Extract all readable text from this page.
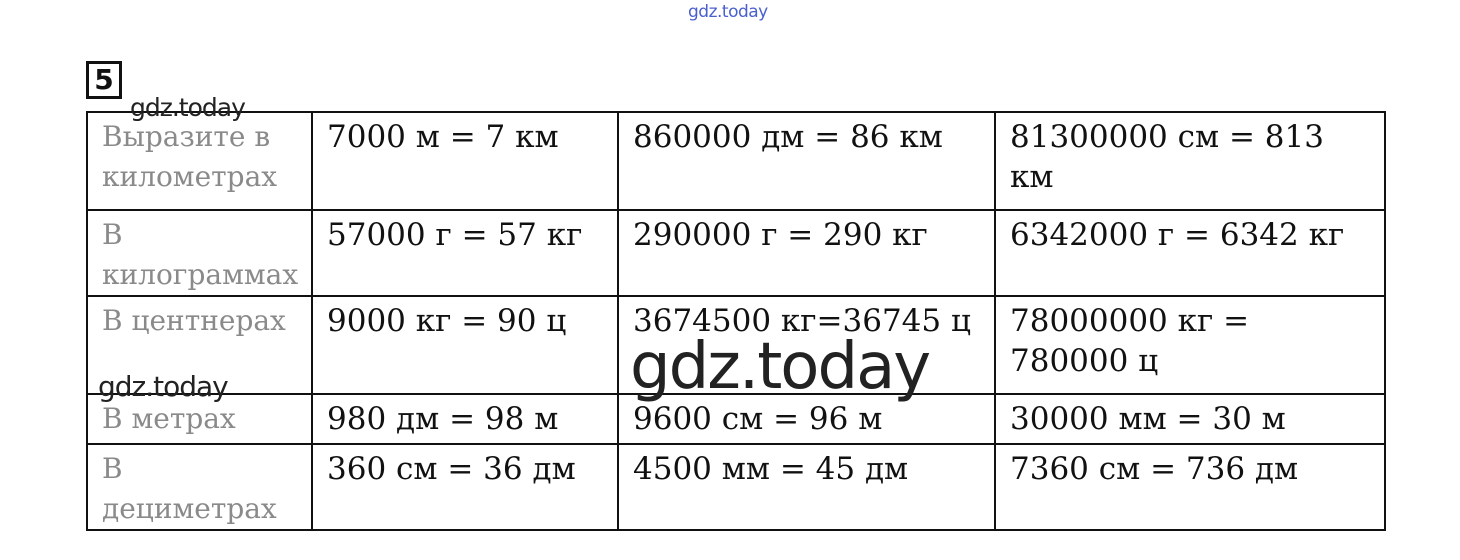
gdz.today
5
Выразите в километрах	7000 м = 7 км	860000 дм = 86 км	81300000 см = 813 км
В килограммах	57000 г = 57 кг	290000 г = 290 кг	6342000 г = 6342 кг
В центнерах	9000 кг = 90 ц	3674500 кг=36745 ц	78000000 кг = 780000 ц
В метрах	980 дм = 98 м	9600 см = 96 м	30000 мм = 30 м
В дециметрах	360 см = 36 дм	4500 мм = 45 дм	7360 см = 736 дм
gdz.today
gdz.today	gdz.today
